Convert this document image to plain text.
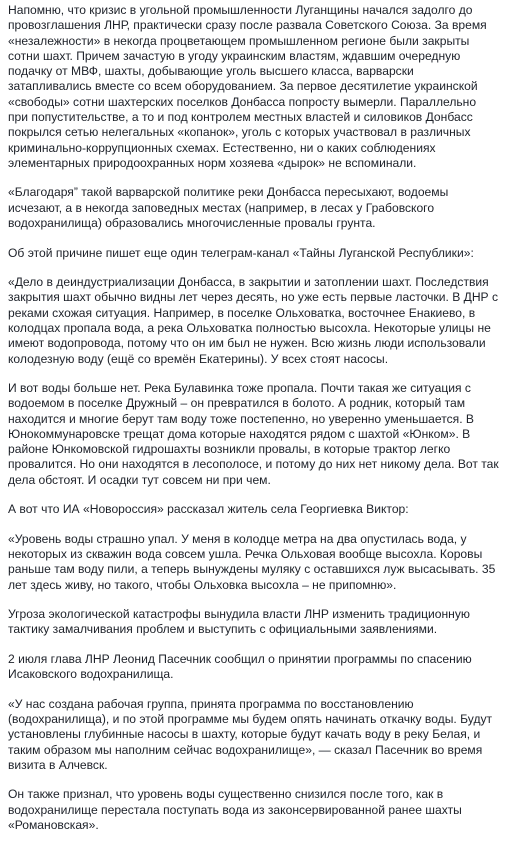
Напомню, что кризис в угольной промышленности Луганщины начался задолго до провозглашения ЛНР, практически сразу после развала Советского Союза. За время «незалежности» в некогда процветающем промышленном регионе были закрыты сотни шахт. Причем зачастую в угоду украинским властям, ждавшим очередную подачку от МВФ, шахты, добывающие уголь высшего класса, варварски затапливались вместе со всем оборудованием. За первое десятилетие украинской «свободы» сотни шахтерских поселков Донбасса попросту вымерли. Параллельно при попустительстве, а то и под контролем местных властей и силовиков Донбасс покрылся сетью нелегальных «копанок», уголь с которых участвовал в различных криминально-коррупционных схемах. Естественно, ни о каких соблюдениях элементарных природоохранных норм хозяева «дырок» не вспоминали.

«Благодаря” такой варварской политике реки Донбасса пересыхают, водоемы исчезают, а в некогда заповедных местах (например, в лесах у Грабовского водохранилища) образовались многочисленные провалы грунта.

Об этой причине пишет еще один телеграм-канал «Тайны Луганской Республики»:

«Дело в деиндустриализации Донбасса, в закрытии и затоплении шахт. Последствия закрытия шахт обычно видны лет через десять, но уже есть первые ласточки. В ДНР с реками схожая ситуация. Например, в поселке Ольховатка, восточнее Енакиево, в колодцах пропала вода, а река Ольховатка полностью высохла. Некоторые улицы не имеют водопровода, потому что он им был не нужен. Всю жизнь люди использовали колодезную воду (ещё со времён Екатерины). У всех стоят насосы.

И вот воды больше нет. Река Булавинка тоже пропала. Почти такая же ситуация с водоемом в поселке Дружный – он превратился в болото. А родник, который там находится и многие берут там воду тоже постепенно, но уверенно уменьшается. В Юнокоммунаровске трещат дома которые находятся рядом с шахтой «Юнком». В районе Юнкомовской гидрошахты возникли провалы, в которые трактор легко провалится. Но они находятся в лесополосе, и потому до них нет никому дела. Вот так дела обстоят. И осадки тут совсем ни при чем.

А вот что ИА «Новороссия» рассказал житель села Георгиевка Виктор:

«Уровень воды страшно упал. У меня в колодце метра на два опустилась вода, у некоторых из скважин вода совсем ушла. Речка Ольховая вообще высохла. Коровы раньше там воду пили, а теперь вынуждены муляку с оставшихся луж высасывать. 35 лет здесь живу, но такого, чтобы Ольховка высохла – не припомню».

Угроза экологической катастрофы вынудила власти ЛНР изменить традиционную тактику замалчивания проблем и выступить с официальными заявлениями.

2 июля глава ЛНР Леонид Пасечник сообщил о принятии программы по спасению Исаковского водохранилища.

«У нас создана рабочая группа, принята программа по восстановлению (водохранилища), и по этой программе мы будем опять начинать откачку воды. Будут установлены глубинные насосы в шахту, которые будут качать воду в реку Белая, и таким образом мы наполним сейчас водохранилище», — сказал Пасечник во время визита в Алчевск.

Он также признал, что уровень воды существенно снизился после того, как в водохранилище перестала поступать вода из законсервированной ранее шахты «Романовская».
